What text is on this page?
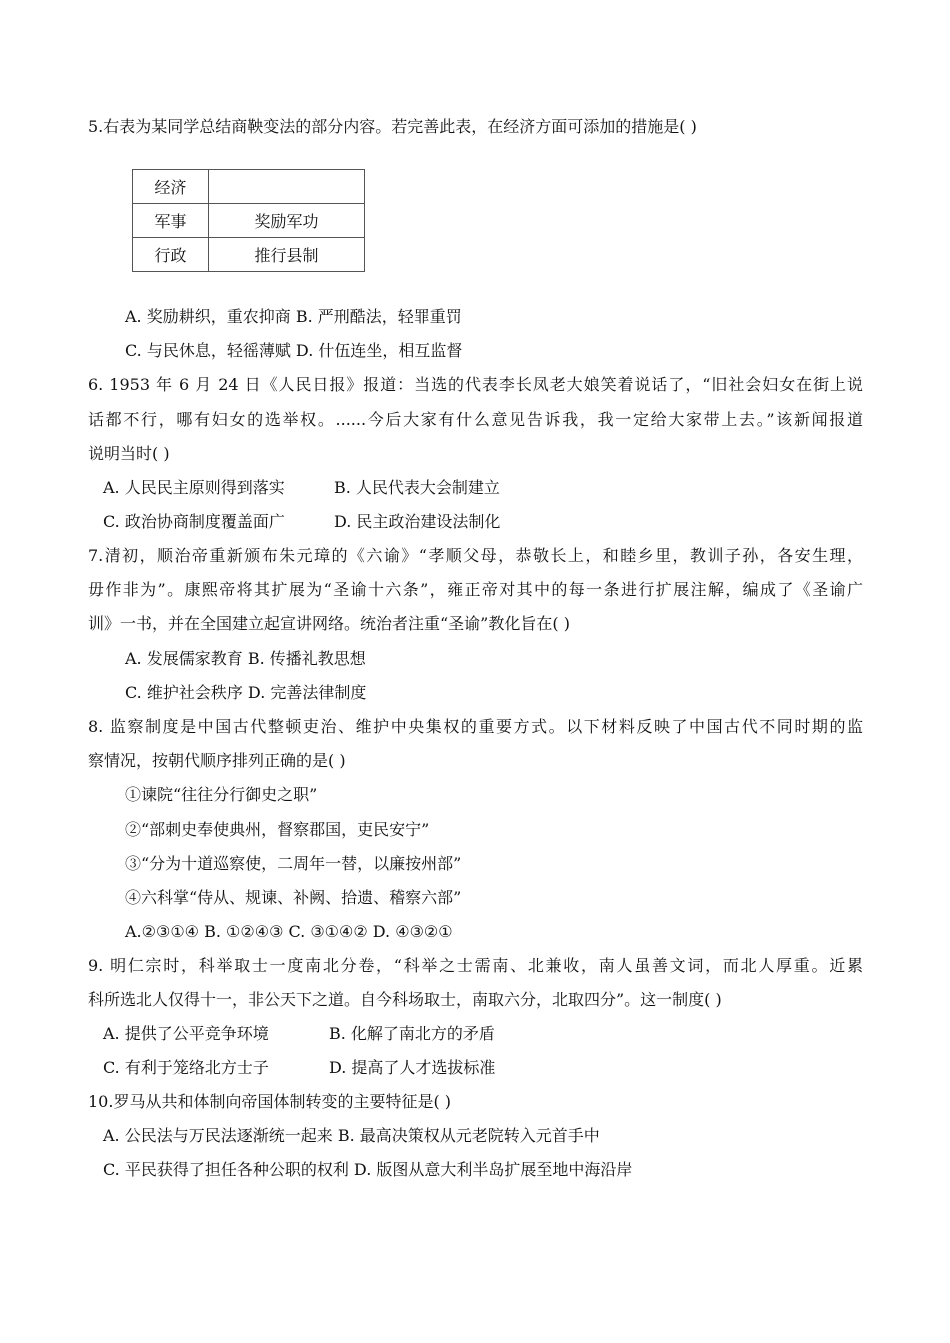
5.右表为某同学总结商鞅变法的部分内容。若完善此表，在经济方面可添加的措施是( )
经济	
军事	奖励军功
行政	推行县制
A. 奖励耕织，重农抑商 B. 严刑酷法，轻罪重罚
C. 与民休息，轻徭薄赋 D. 什伍连坐，相互监督
6. 1953 年 6 月 24 日《人民日报》报道：当选的代表李长凤老大娘笑着说话了，“旧社会妇女在街上说
话都不行，哪有妇女的选举权。......今后大家有什么意见告诉我，我一定给大家带上去。”该新闻报道
说明当时( )
A. 人民民主原则得到落实	B. 人民代表大会制建立
C. 政治协商制度覆盖面广	D. 民主政治建设法制化
7.清初，顺治帝重新颁布朱元璋的《六谕》“孝顺父母，恭敬长上，和睦乡里，教训子孙，各安生理，
毋作非为”。康熙帝将其扩展为“圣谕十六条”，雍正帝对其中的每一条进行扩展注解，编成了《圣谕广
训》一书，并在全国建立起宣讲网络。统治者注重“圣谕”教化旨在( )
A. 发展儒家教育 B. 传播礼教思想
C. 维护社会秩序 D. 完善法律制度
8. 监察制度是中国古代整顿吏治、维护中央集权的重要方式。以下材料反映了中国古代不同时期的监
察情况，按朝代顺序排列正确的是( )
①谏院“往往分行御史之职”
②“部刺史奉使典州，督察郡国，吏民安宁”
③“分为十道巡察使，二周年一替，以廉按州部”
④六科掌“侍从、规谏、补阙、拾遗、稽察六部”
A.②③①④ B. ①②④③ C. ③①④② D. ④③②①
9. 明仁宗时，科举取士一度南北分卷，“科举之士需南、北兼收，南人虽善文词，而北人厚重。近累
科所选北人仅得十一，非公天下之道。自今科场取士，南取六分，北取四分”。这一制度( )
A. 提供了公平竞争环境	B. 化解了南北方的矛盾
C. 有利于笼络北方士子	D. 提高了人才选拔标准
10.罗马从共和体制向帝国体制转变的主要特征是( )
A. 公民法与万民法逐渐统一起来 B. 最高决策权从元老院转入元首手中
C. 平民获得了担任各种公职的权利 D. 版图从意大利半岛扩展至地中海沿岸
